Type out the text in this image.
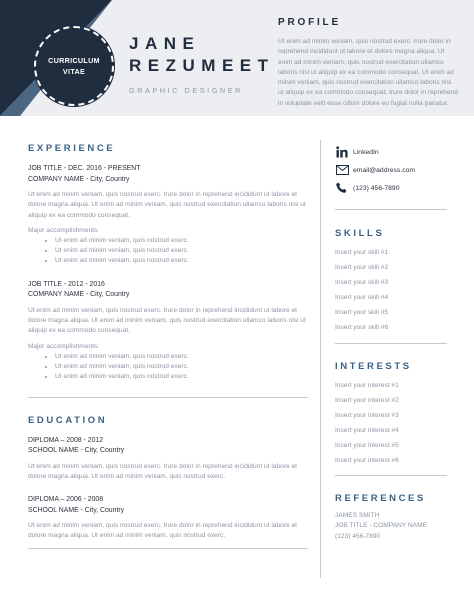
CURRICULUM
VITAE
JANE
REZUMEET
GRAPHIC DESIGNER
PROFILE
Ut enim ad minim veniam, quis nostrud exerc. Irure dolor in reprehend incididunt ut labore et dolore magna aliqua. Ut enim ad minim veniam, quis nostrud exercitation ullamco laboris nisi ut aliquip ex ea commodo consequat. Ut enim ad minim veniam, quis nostrud exercitation ullamco laboris nisi ut aliquip ex ea commodo consequat. Irure dolor in reprehend in voluptate velit esse cillum dolore eu fugiat nulla pariatur.
EXPERIENCE
JOB TITLE - DEC. 2016 - PRESENT
COMPANY NAME - City, Country
Ut enim ad minim veniam, quis nostrud exerc. Irure dolor in reprehend incididunt ut labore et dolore magna aliqua. Ut enim ad minim veniam, quis nostrud exercitation ullamco laboris nisi ut aliquip ex ea commodo consequat.
Major accomplishments:
• Ut enim ad minim veniam, quis nostrud exerc.
• Ut enim ad minim veniam, quis nostrud exerc.
• Ut enim ad minim veniam, quis nostrud exerc.
JOB TITLE - 2012 - 2016
COMPANY NAME - City, Country
Ut enim ad minim veniam, quis nostrud exerc. Irure dolor in reprehend incididunt ut labore et dolore magna aliqua. Ut enim ad minim veniam, quis nostrud exercitation ullamco laboris nisi ut aliquip ex ea commodo consequat.
Major accomplishments:
• Ut enim ad minim veniam, quis nostrud exerc.
• Ut enim ad minim veniam, quis nostrud exerc.
• Ut enim ad minim veniam, quis nostrud exerc.
EDUCATION
DIPLOMA – 2008 - 2012
SCHOOL NAME - City, Country
Ut enim ad minim veniam, quis nostrud exerc. Irure dolor in reprehend incididunt ut labore et dolore magna aliqua. Ut enim ad minim veniam, quis nostrud exerc.
DIPLOMA – 2006 - 2008
SCHOOL NAME - City, Country
Ut enim ad minim veniam, quis nostrud exerc. Irure dolor in reprehend incididunt ut labore et dolore magna aliqua. Ut enim ad minim veniam, quis nostrud exerc.
LinkedIn
email@address.com
(123) 456-7890
SKILLS
Insert your skill #1
Insert your skill #2
Insert your skill #3
Insert your skill #4
Insert your skill #5
Insert your skill #6
INTERESTS
Insert your interest #1
Insert your interest #2
Insert your interest #3
Insert your interest #4
Insert your interest #5
Insert your interest #6
REFERENCES
JAMES SMITH
JOB TITLE - COMPANY NAME
(123) 456-7890
